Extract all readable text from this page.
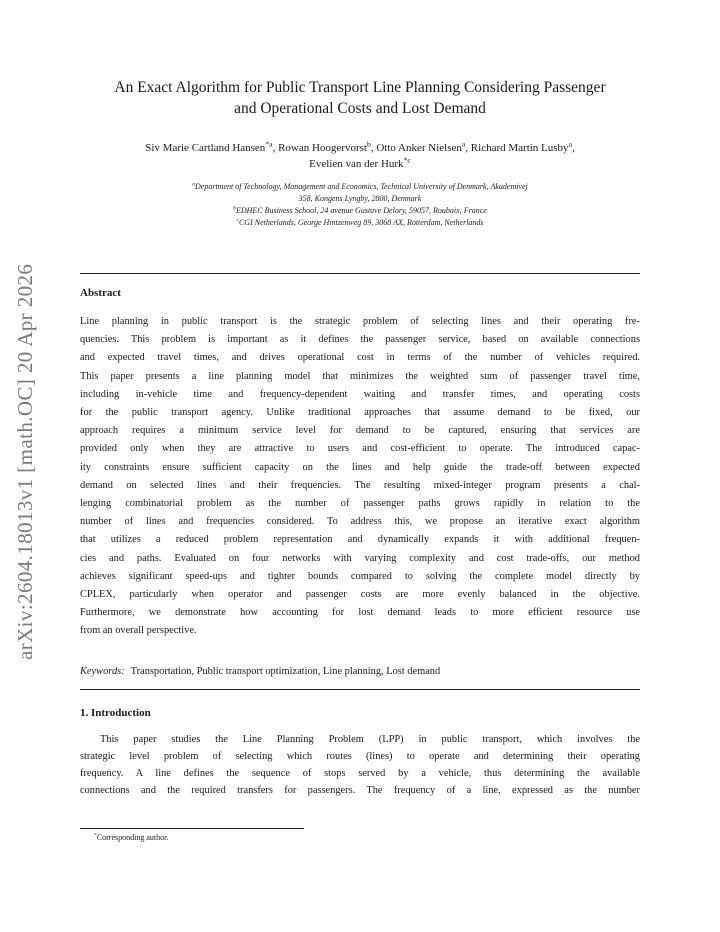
arXiv:2604.18013v1 [math.OC] 20 Apr 2026
An Exact Algorithm for Public Transport Line Planning Considering Passenger
and Operational Costs and Lost Demand
Siv Marie Cartland Hansen$^{*a}$, Rowan Hoogervorst$^b$, Otto Anker Nielsen$^a$, Richard Martin Lusby$^a$,
Evelien van der Hurk$^{*c}$
$^a$Department of Technology, Management and Economics, Technical University of Denmark, Akademivej
358, Kongens Lyngby, 2800, Denmark
$^b$EDHEC Business School, 24 avenue Gustave Delory, 59057, Roubaix, France
$^c$CGI Netherlands, George Hintzenweg 89, 3068 AX, Rotterdam, Netherlands
Abstract
Line planning in public transport is the strategic problem of selecting lines and their operating fre-
quencies. This problem is important as it defines the passenger service, based on available connections
and expected travel times, and drives operational cost in terms of the number of vehicles required.
This paper presents a line planning model that minimizes the weighted sum of passenger travel time,
including in-vehicle time and frequency-dependent waiting and transfer times, and operating costs
for the public transport agency. Unlike traditional approaches that assume demand to be fixed, our
approach requires a minimum service level for demand to be captured, ensuring that services are
provided only when they are attractive to users and cost-efficient to operate. The introduced capac-
ity constraints ensure sufficient capacity on the lines and help guide the trade-off between expected
demand on selected lines and their frequencies. The resulting mixed-integer program presents a chal-
lenging combinatorial problem as the number of passenger paths grows rapidly in relation to the
number of lines and frequencies considered. To address this, we propose an iterative exact algorithm
that utilizes a reduced problem representation and dynamically expands it with additional frequen-
cies and paths. Evaluated on four networks with varying complexity and cost trade-offs, our method
achieves significant speed-ups and tighter bounds compared to solving the complete model directly by
CPLEX, particularly when operator and passenger costs are more evenly balanced in the objective.
Furthermore, we demonstrate how accounting for lost demand leads to more efficient resource use
from an overall perspective.
Keywords: Transportation, Public transport optimization, Line planning, Lost demand
1. Introduction
This paper studies the Line Planning Problem (LPP) in public transport, which involves the
strategic level problem of selecting which routes (lines) to operate and determining their operating
frequency. A line defines the sequence of stops served by a vehicle, thus determining the available
connections and the required transfers for passengers. The frequency of a line, expressed as the number
*Corresponding author.
